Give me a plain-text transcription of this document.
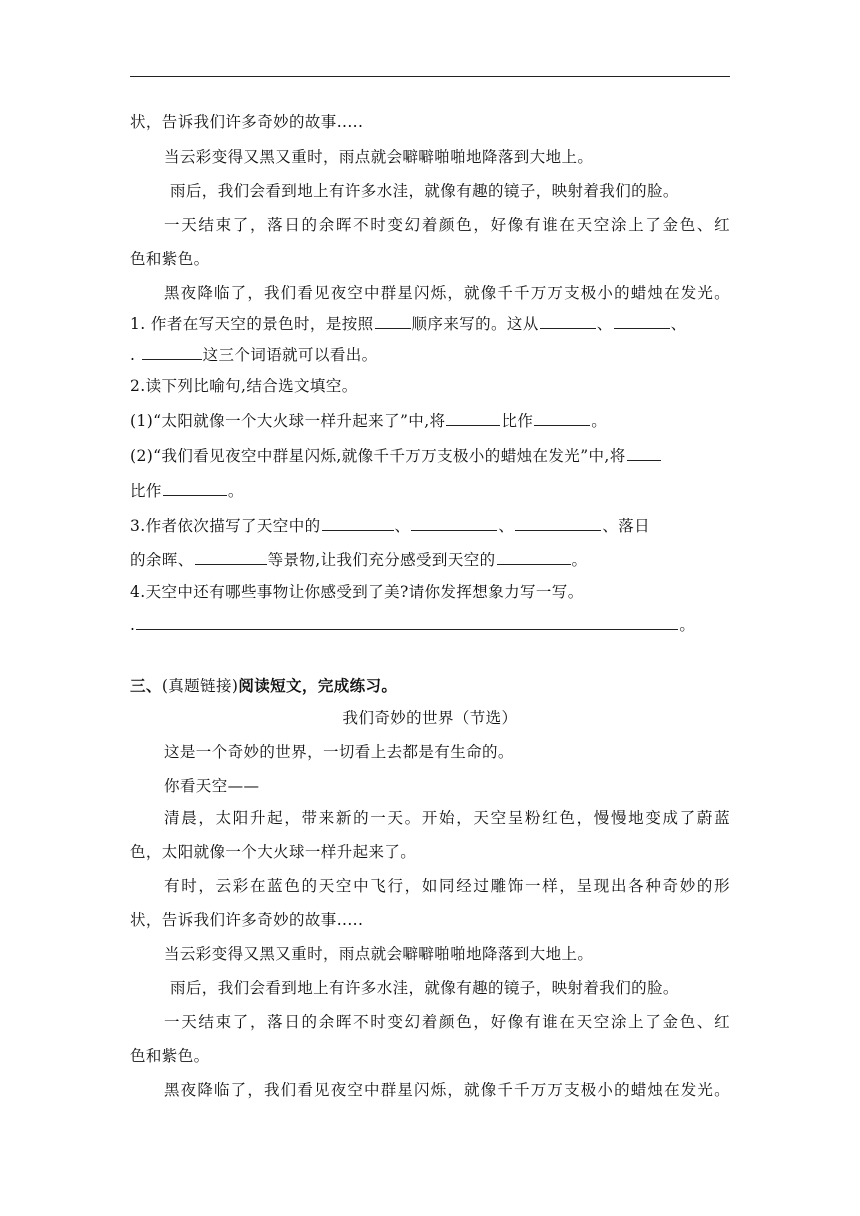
状，告诉我们许多奇妙的故事.....
当云彩变得又黑又重时，雨点就会噼噼啪啪地降落到大地上。
雨后，我们会看到地上有许多水洼，就像有趣的镜子，映射着我们的脸。
一天结束了，落日的余晖不时变幻着颜色，好像有谁在天空涂上了金色、红
色和紫色。
黑夜降临了，我们看见夜空中群星闪烁，就像千千万万支极小的蜡烛在发光。
1. 作者在写天空的景色时，是按照 顺序来写的。这从	、	、
.	这三个词语就可以看出。
2.读下列比喻句,结合选文填空。
(1)“太阳就像一个大火球一样升起来了”中,将	比作	。
(2)“我们看见夜空中群星闪烁,就像千千万万支极小的蜡烛在发光”中,将
比作	。
3.作者依次描写了天空中的	、	、	、落日
的余晖、	等景物,让我们充分感受到天空的	。
4.天空中还有哪些事物让你感受到了美?请你发挥想象力写一写。
.	。
三、(真题链接)阅读短文，完成练习。
我们奇妙的世界（节选）
这是一个奇妙的世界，一切看上去都是有生命的。
你看天空——
清晨，太阳升起，带来新的一天。开始，天空呈粉红色，慢慢地变成了蔚蓝
色，太阳就像一个大火球一样升起来了。
有时，云彩在蓝色的天空中飞行，如同经过雕饰一样，呈现出各种奇妙的形
状，告诉我们许多奇妙的故事.....
当云彩变得又黑又重时，雨点就会噼噼啪啪地降落到大地上。
雨后，我们会看到地上有许多水洼，就像有趣的镜子，映射着我们的脸。
一天结束了，落日的余晖不时变幻着颜色，好像有谁在天空涂上了金色、红
色和紫色。
黑夜降临了，我们看见夜空中群星闪烁，就像千千万万支极小的蜡烛在发光。
